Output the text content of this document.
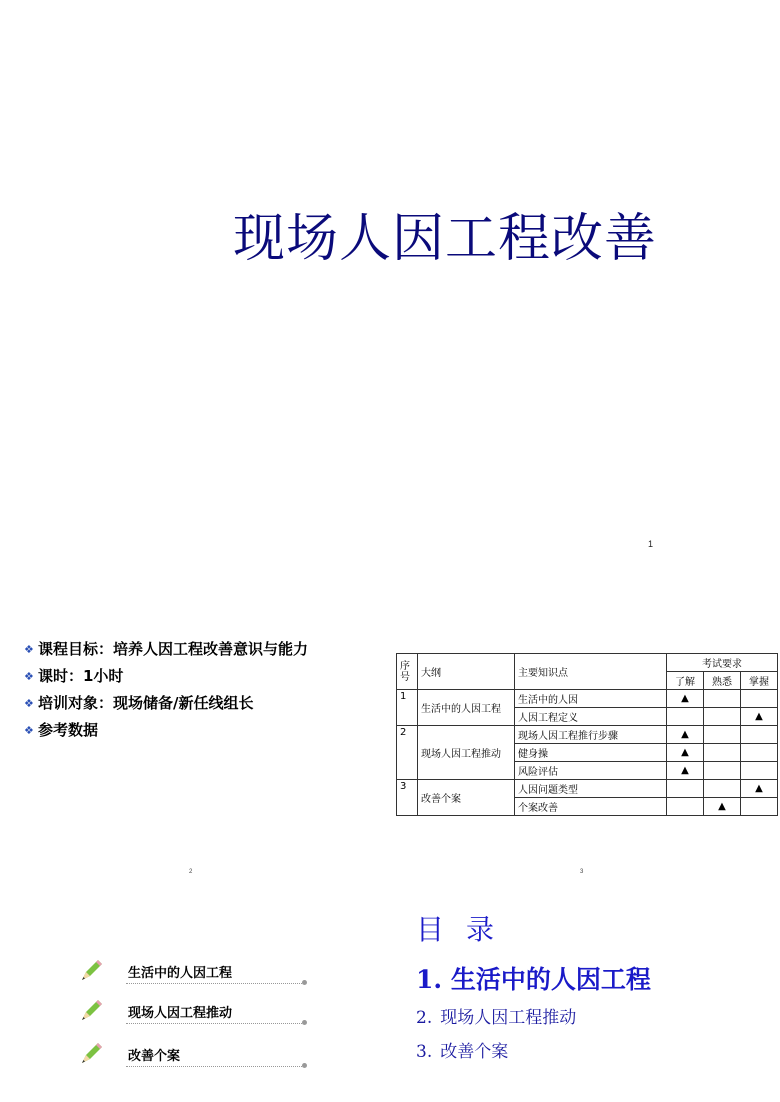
现场人因工程改善
1
❖ 课程目标：培养人因工程改善意识与能力
❖ 课时：1小时
❖ 培训对象：现场储备/新任线组长
❖ 参考数据
序号	大纲	主要知识点	考试要求		
			了解	熟悉	掌握
1	生活中的人因工程	生活中的人因	▲		
		人因工程定义			▲
2	现场人因工程推动	现场人因工程推行步骤	▲		
		健身操	▲		
		风险评估	▲		
3	改善个案	人因问题类型			▲
		个案改善		▲	
2	3
生活中的人因工程
现场人因工程推动
改善个案
目录
1. 生活中的人因工程
2. 现场人因工程推动
3. 改善个案
